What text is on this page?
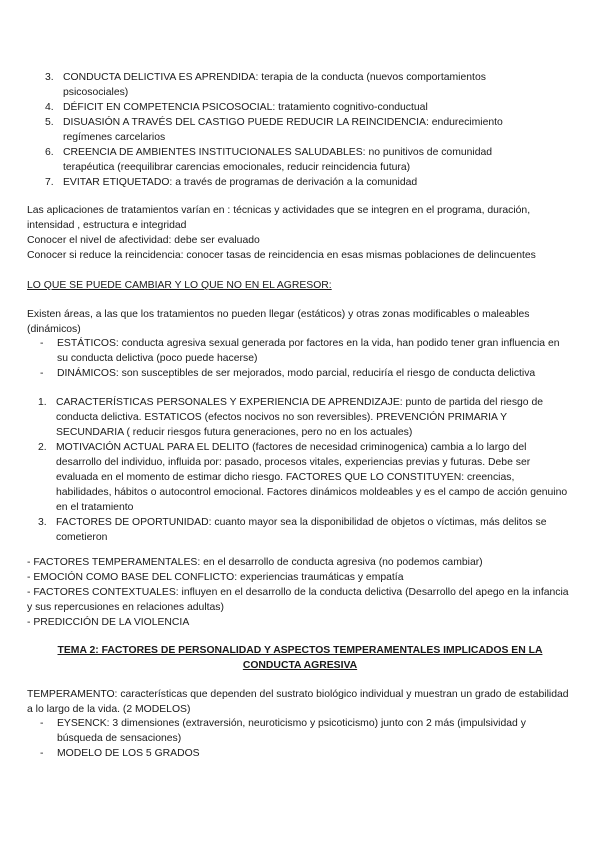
3. CONDUCTA DELICTIVA ES APRENDIDA: terapia de la conducta (nuevos comportamientos psicosociales)
4. DÉFICIT EN COMPETENCIA PSICOSOCIAL: tratamiento cognitivo-conductual
5. DISUASIÓN A TRAVÉS DEL CASTIGO PUEDE REDUCIR LA REINCIDENCIA: endurecimiento regímenes carcelarios
6. CREENCIA DE AMBIENTES INSTITUCIONALES SALUDABLES: no punitivos de comunidad terapéutica (reequilibrar carencias emocionales, reducir reincidencia futura)
7. EVITAR ETIQUETADO: a través de programas de derivación a la comunidad
Las aplicaciones de tratamientos varían en : técnicas y actividades que se integren en el programa, duración, intensidad , estructura e integridad
Conocer el nivel de afectividad: debe ser evaluado
Conocer si reduce la reincidencia: conocer tasas de reincidencia en esas mismas poblaciones de delincuentes
LO QUE SE PUEDE CAMBIAR Y LO QUE NO EN EL AGRESOR:
Existen áreas, a las que los tratamientos no pueden llegar (estáticos) y otras zonas modificables o maleables (dinámicos)
- ESTÁTICOS: conducta agresiva sexual generada por factores en la vida, han podido tener gran influencia en su conducta delictiva (poco puede hacerse)
- DINÁMICOS: son susceptibles de ser mejorados, modo parcial, reduciría el riesgo de conducta delictiva
1. CARACTERÍSTICAS PERSONALES Y EXPERIENCIA DE APRENDIZAJE: punto de partida del riesgo de conducta delictiva. ESTATICOS (efectos nocivos no son reversibles). PREVENCIÓN PRIMARIA Y SECUNDARIA ( reducir riesgos futura generaciones, pero no en los actuales)
2. MOTIVACIÓN ACTUAL PARA EL DELITO (factores de necesidad criminogenica) cambia a lo largo del desarrollo del individuo, influida por: pasado, procesos vitales, experiencias previas y futuras. Debe ser evaluada en el momento de estimar dicho riesgo. FACTORES QUE LO CONSTITUYEN: creencias, habilidades, hábitos o autocontrol emocional. Factores dinámicos moldeables y es el campo de acción genuino en el tratamiento
3. FACTORES DE OPORTUNIDAD: cuanto mayor sea la disponibilidad de objetos o víctimas, más delitos se cometieron
- FACTORES TEMPERAMENTALES: en el desarrollo de conducta agresiva (no podemos cambiar)
- EMOCIÓN COMO BASE DEL CONFLICTO: experiencias traumáticas y empatía
- FACTORES CONTEXTUALES: influyen en el desarrollo de la conducta delictiva (Desarrollo del apego en la infancia y sus repercusiones en relaciones adultas)
- PREDICCIÓN DE LA VIOLENCIA
TEMA 2: FACTORES DE PERSONALIDAD Y ASPECTOS TEMPERAMENTALES IMPLICADOS EN LA CONDUCTA AGRESIVA
TEMPERAMENTO: características que dependen del sustrato biológico individual y muestran un grado de estabilidad a lo largo de la vida. (2 MODELOS)
- EYSENCK: 3 dimensiones (extraversión, neuroticismo y psicoticismo) junto con 2 más (impulsividad y búsqueda de sensaciones)
- MODELO DE LOS 5 GRADOS
